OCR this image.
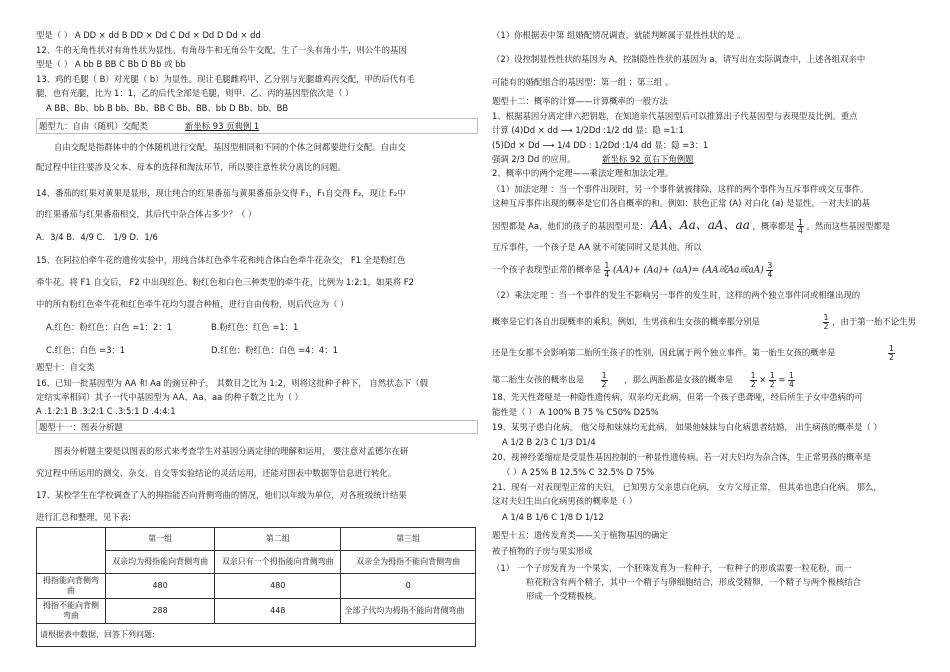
型是（ ） A DD × dd B DD × Dd C Dd × Dd D Dd × dd
12、牛的无角性状对有角性状为显性。有角母牛和无角公牛交配，生了一头有角小牛，则公牛的基因
型是（ ） A bb B BB C Bb D Bb 或 bb
13、鸡的毛腿（ B）对光腿（ b）为显性。现让毛腿雌鸡甲、乙分别与光腿雄鸡丙交配，甲的后代有毛
腿，也有光腿，比为 1：1，乙的后代全部是毛腿，则甲、乙、丙的基因型依次是（ ）
A BB、Bb、bb B bb、Bb、BB C Bb、BB、bb D Bb、bb、BB
题型九：自由（随机）交配类	新坐标 93 页典例 1
自由交配是指群体中的个体随机进行交配，基因型相同和不同的个体之间都要进行交配。自由交
配过程中往往要涉及父本、母本的选择和淘汰环节，所以要注意性状分离比的问题。
14、番茄的红果对黄果是显形，现让纯合的红果番茄与黄果番茄杂交得 F₁，F₁自交得 F₂，现让 F₂中
的红果番茄与红果番茄相交，其后代中杂合体占多少？（ ）
A．3/4 B．4/9 C． 1/9 D．1/6
15、在阿拉伯牵牛花的遗传实验中，用纯合体红色牵牛花和纯合体白色牵牛花杂交， F1 全是粉红色
牵牛花。将 F1 自交后， F2 中出现红色、粉红色和白色三种类型的牵牛花，比例为 1:2:1，如果将 F2
中的所有粉红色牵牛花和红色牵牛花均匀混合种植，进行自由传粉，则后代应为（ ）
A.红色：粉红色：白色 =1：2：1	B.粉红色：红色 =1：1
C.红色：白色 =3：1	D.红色：粉红色：白色 =4：4：1
题型十：自交类
16、已知一批基因型为 AA 和 Aa 的豌豆种子， 其数目之比为 1:2，则将这批种子种下， 自然状态下（假
定结实率相同）其子一代中基因型为 AA、Aa、aa 的种子数之比为（ ）
A .1:2:1 B .3:2:1 C .3:5:1 D .4:4:1
题型十一：图表分析题
图表分析题主要是以图表的形式来考查学生对基因分离定律的理解和运用， 要注意对孟德尔在研
究过程中所运用的测交、杂交、自交等实验结论的灵活运用，还能对图表中数据等信息进行转化。
17、某校学生在学校调查了人的拇指能否向背侧弯曲的情况，他们以年级为单位，对各班级统计结果
进行汇总和整理，见下表:
	第一组	第二组	第三组
	双亲均为拇指能向背侧弯曲	双亲只有一个拇指能向背侧弯曲	双亲全为拇指不能向背侧弯曲
拇指能向背侧弯曲	480	480	0
拇指不能向背侧弯曲	288	448	全部子代均为拇指不能向背侧弯曲
请根据表中数据，回答下列问题:			
（1）你根据表中第 组婚配情况调查，就能判断属于显性性状的是 。
（2）设控制显性性状的基因为 A，控制隐性性状的基因为 a，请写出在实际调查中，上述各组双亲中
可能有的婚配组合的基因型：第一组 ；第三组 。
题型十二：概率的计算——计算概率的一般方法
1、根据基因分离定律六把钥匙，在知道亲代基因型后可以推算出子代基因型与表现型及比例。重点
计算 (4)Dd × dd ⟶ 1/2Dd :1/2 dd 显：隐 =1:1
(5)Dd × Dd ⟶ 1/4 DD : 1/2Dd :1/4 dd 显：隐 =3：1
强调 2/3 Dd 的应用。	新坐标 92 页右下角例题
2、概率中的两个定理——乘法定理和加法定理。
（1）加法定理 ：当一个事件出现时，另一个事件就被排除，这样的两个事件为互斥事件或交互事件。
这种互斥事件出现的概率是它们各自概率的和。例如：肤色正常 (A) 对白化 (a) 是显性。一对夫妇的基
因型都是 Aa，他们的孩子的基因型可是： AA、Aa、aA、aa ，概率都是 $\frac{1}{4}$ 。然而这些基因型都是
互斥事件，一个孩子是 AA 就不可能同时又是其他。所以
一个孩子表现型正常的概率是 $\frac{1}{4} (AA)+ (Aa)+ (aA)= (AA$或Aa或$aA) \frac{3}{4}$
（2）乘法定理 ：当一个事件的发生不影响另一事件的发生时，这样的两个独立事件同或相继出现的
概率是它们各自出现概率的乘积。例如，生男孩和生女孩的概率都分别是	$\frac{1}{2}$ ，由于第一胎不论生男
还是生女都不会影响第二胎所生孩子的性别，因此属于两个独立事件。第一胎生女孩的概率是	$\frac{1}{2}$
第二胎生女孩的概率也是 $\frac{1}{2}$ ，那么两胎都是女孩的概率是 $\frac{1}{2} \times \frac{1}{2} = \frac{1}{4}$
18、先天性聋哑是一种隐性遗传病，双亲均无此病，但第一个孩子患聋哑，经后所生子女中患病的可
能性是（ ） A 100% B 75 % C50% D25%
19、某男子患白化病， 他父母和妹妹均无此病， 如果他妹妹与白化病患者结婚， 出生病孩的概率是（ ）
A 1/2 B 2/3 C 1/3 D1/4
20、视神经萎缩症是受显性基因控制的一种显性遗传病。若一对夫妇均为杂合体，生正常男孩的概率是
（ ）A 25% B 12.5% C 32.5% D 75%
21、现有一对表现型正常的夫妇， 已知男方父亲患白化病， 女方父母正常， 但其弟也患白化病。 那么，
这对夫妇生出白化病男孩的概率是（ ）
A 1/4 B 1/6 C 1/8 D 1/12
题型十五：遗传发育类——关于植物基因的确定
被子植物的子房与果实形成
（1） 一个子房发育为一个果实，一个胚珠发育为一粒种子，一粒种子的形成需要一粒花粉，而一
粒花粉含有两个精子，其中一个精子与卵细胞结合，形成受精卵，一个精子与两个极核结合
形成一个受精极核。
